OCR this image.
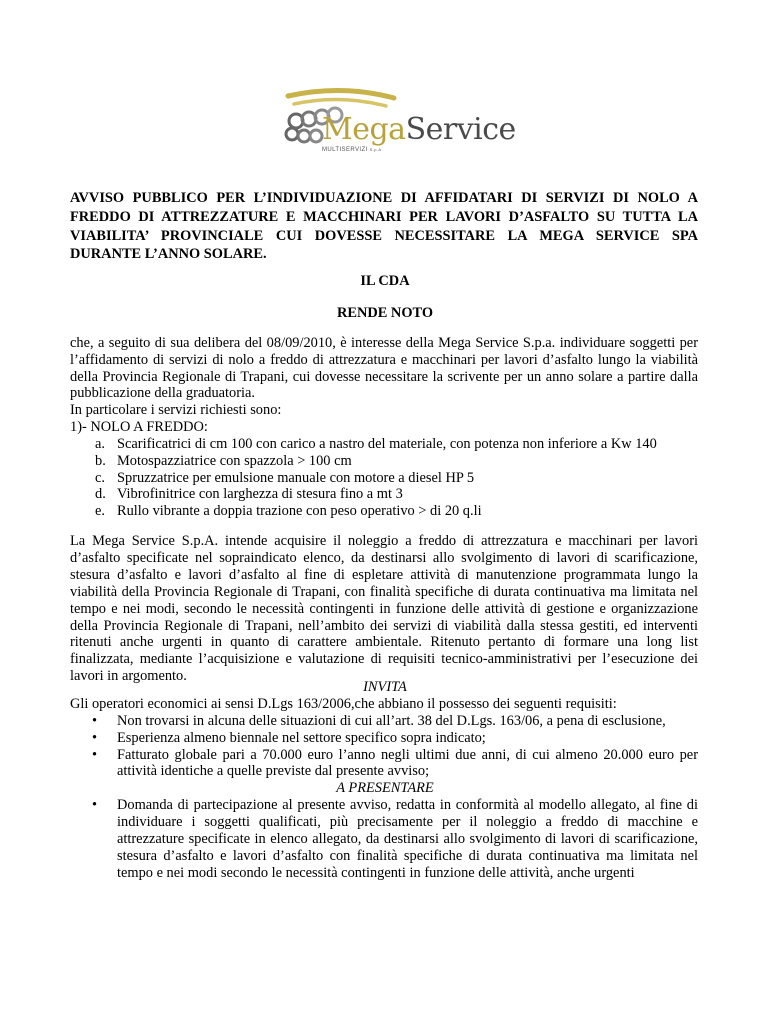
MegaService
MULTISERVIZI S.p.A.

AVVISO PUBBLICO PER L’INDIVIDUAZIONE DI AFFIDATARI DI SERVIZI DI NOLO A FREDDO DI ATTREZZATURE E MACCHINARI PER LAVORI D’ASFALTO SU TUTTA LA VIABILITA’ PROVINCIALE CUI DOVESSE NECESSITARE LA MEGA SERVICE SPA DURANTE L’ANNO SOLARE.

IL CDA

RENDE NOTO

che, a seguito di sua delibera del 08/09/2010, è interesse della Mega Service S.p.a. individuare soggetti per l’affidamento di servizi di nolo a freddo di attrezzatura e macchinari per lavori d’asfalto lungo la viabilità della Provincia Regionale di Trapani, cui dovesse necessitare la scrivente per un anno solare a partire dalla pubblicazione della graduatoria.

In particolare i servizi richiesti sono:

1)- NOLO A FREDDO:

a. Scarificatrici di cm 100 con carico a nastro del materiale, con potenza non inferiore a Kw 140
b. Motospazziatrice con spazzola > 100 cm
c. Spruzzatrice per emulsione manuale con motore a diesel HP 5
d. Vibrofinitrice con larghezza di stesura fino a mt 3
e. Rullo vibrante a doppia trazione con peso operativo > di 20 q.li

La Mega Service S.p.A. intende acquisire il noleggio a freddo di attrezzatura e macchinari per lavori d’asfalto specificate nel sopraindicato elenco, da destinarsi allo svolgimento di lavori di scarificazione, stesura d’asfalto e lavori d’asfalto al fine di espletare attività di manutenzione programmata lungo la viabilità della Provincia Regionale di Trapani, con finalità specifiche di durata continuativa ma limitata nel tempo e nei modi, secondo le necessità contingenti in funzione delle attività di gestione e organizzazione della Provincia Regionale di Trapani, nell’ambito dei servizi di viabilità dalla stessa gestiti, ed interventi ritenuti anche urgenti in quanto di carattere ambientale. Ritenuto pertanto di formare una long list finalizzata, mediante l’acquisizione e valutazione di requisiti tecnico-amministrativi per l’esecuzione dei lavori in argomento.

INVITA

Gli operatori economici ai sensi D.Lgs 163/2006,che abbiano il possesso dei seguenti requisiti:

• Non trovarsi in alcuna delle situazioni di cui all’art. 38 del D.Lgs. 163/06, a pena di esclusione,
• Esperienza almeno biennale nel settore specifico sopra indicato;
• Fatturato globale pari a 70.000 euro l’anno negli ultimi due anni, di cui almeno 20.000 euro per attività identiche a quelle previste dal presente avviso;

A PRESENTARE

• Domanda di partecipazione al presente avviso, redatta in conformità al modello allegato, al fine di individuare i soggetti qualificati, più precisamente per il noleggio a freddo di macchine e attrezzature specificate in elenco allegato, da destinarsi allo svolgimento di lavori di scarificazione, stesura d’asfalto e lavori d’asfalto con finalità specifiche di durata continuativa ma limitata nel tempo e nei modi secondo le necessità contingenti in funzione delle attività, anche urgenti
